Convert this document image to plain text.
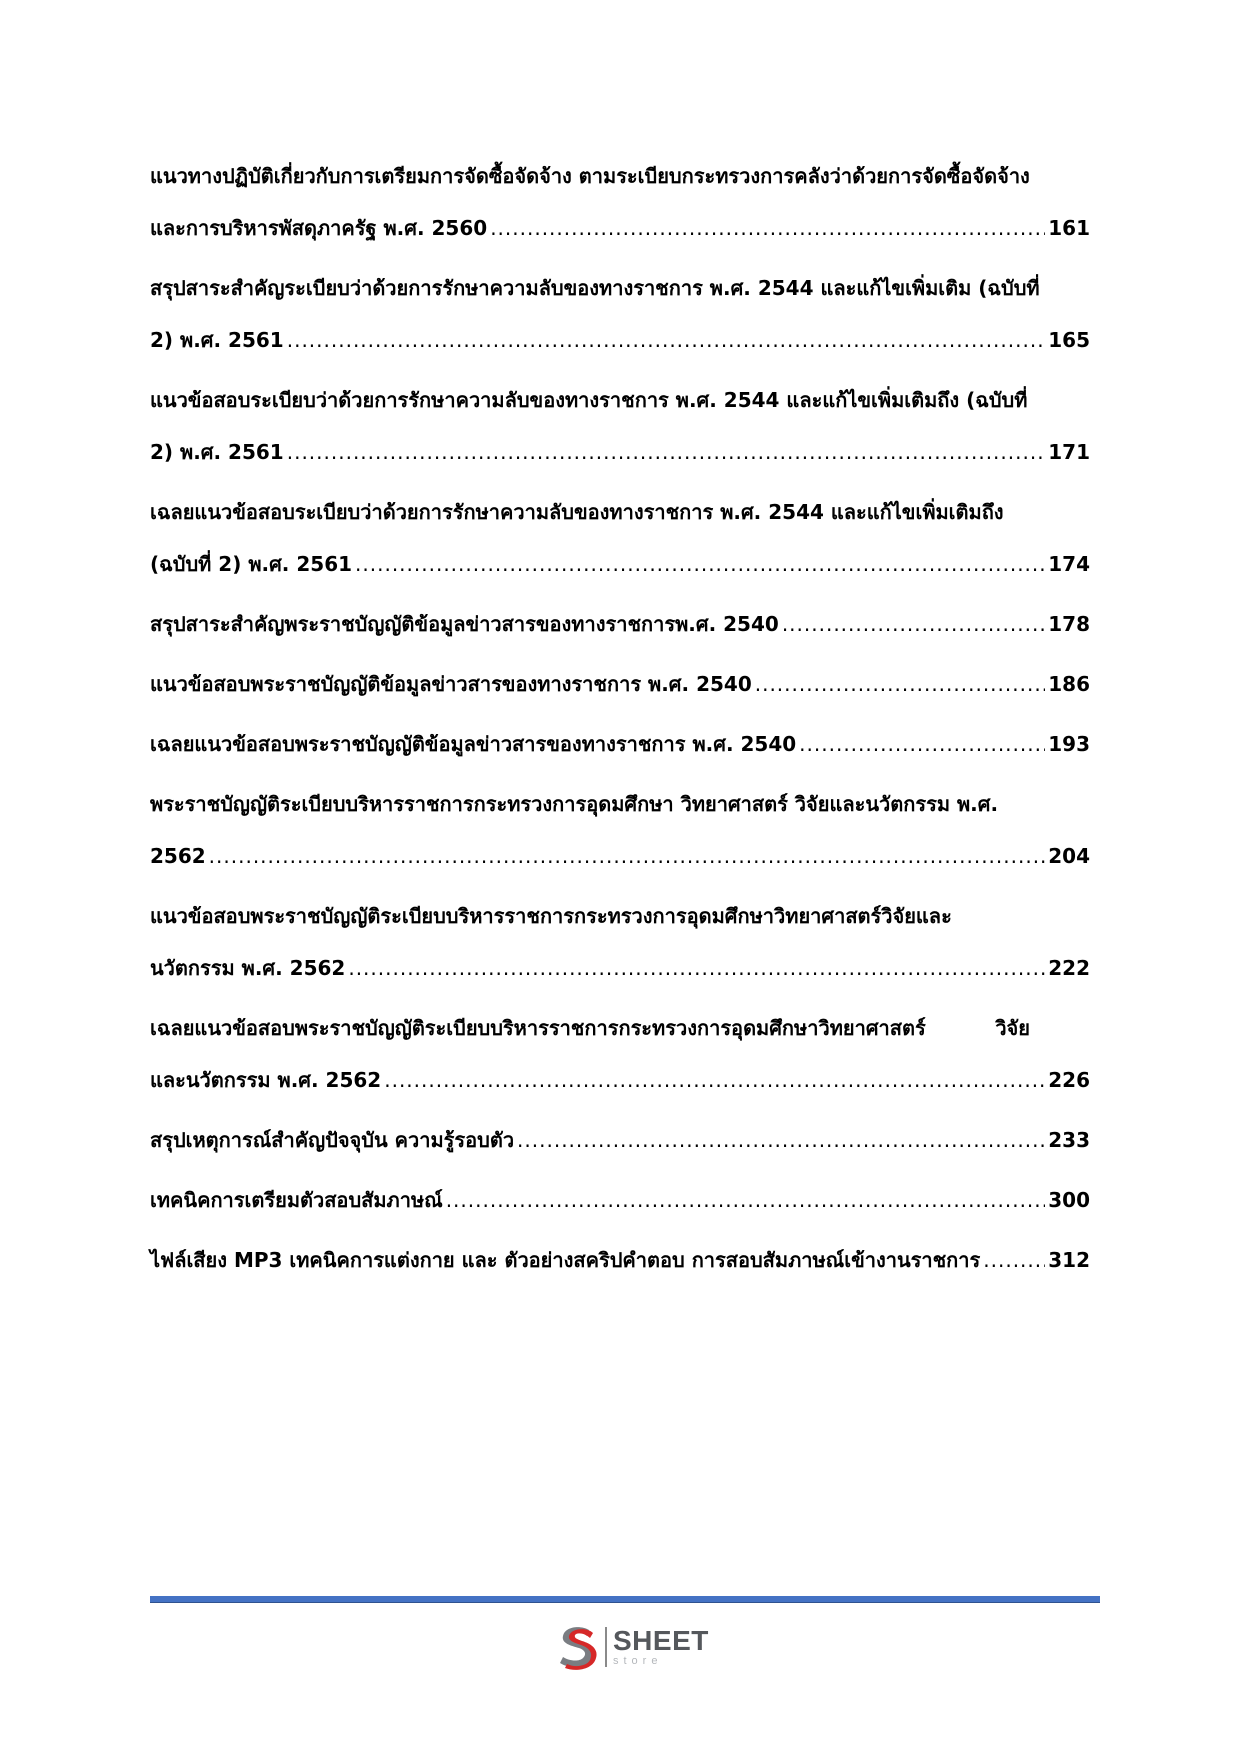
แนวทางปฏิบัติเกี่ยวกับการเตรียมการจัดซื้อจัดจ้าง ตามระเบียบกระทรวงการคลังว่าด้วยการจัดซื้อจัดจ้าง
และการบริหารพัสดุภาครัฐ พ.ศ. 2560 .....	161
สรุปสาระสำคัญระเบียบว่าด้วยการรักษาความลับของทางราชการ พ.ศ. 2544 และแก้ไขเพิ่มเติม (ฉบับที่
2) พ.ศ. 2561 .....	165
แนวข้อสอบระเบียบว่าด้วยการรักษาความลับของทางราชการ พ.ศ. 2544 และแก้ไขเพิ่มเติมถึง (ฉบับที่
2) พ.ศ. 2561 .....	171
เฉลยแนวข้อสอบระเบียบว่าด้วยการรักษาความลับของทางราชการ พ.ศ. 2544 และแก้ไขเพิ่มเติมถึง
(ฉบับที่ 2) พ.ศ. 2561 .....	174
สรุปสาระสำคัญพระราชบัญญัติข้อมูลข่าวสารของทางราชการพ.ศ. 2540 .....	178
แนวข้อสอบพระราชบัญญัติข้อมูลข่าวสารของทางราชการ พ.ศ. 2540 .....	186
เฉลยแนวข้อสอบพระราชบัญญัติข้อมูลข่าวสารของทางราชการ พ.ศ. 2540 .....	193
พระราชบัญญัติระเบียบบริหารราชการกระทรวงการอุดมศึกษา วิทยาศาสตร์ วิจัยและนวัตกรรม พ.ศ.
2562 .....	204
แนวข้อสอบพระราชบัญญัติระเบียบบริหารราชการกระทรวงการอุดมศึกษาวิทยาศาสตร์วิจัยและ
นวัตกรรม พ.ศ. 2562 .....	222
เฉลยแนวข้อสอบพระราชบัญญัติระเบียบบริหารราชการกระทรวงการอุดมศึกษาวิทยาศาสตร์          วิจัย
และนวัตกรรม พ.ศ. 2562 .....	226
สรุปเหตุการณ์สำคัญปัจจุบัน ความรู้รอบตัว .....	233
เทคนิคการเตรียมตัวสอบสัมภาษณ์ .....	300
ไฟล์เสียง MP3 เทคนิคการแต่งกาย และ ตัวอย่างสคริปคำตอบ การสอบสัมภาษณ์เข้างานราชการ .....	312
SHEET
store
